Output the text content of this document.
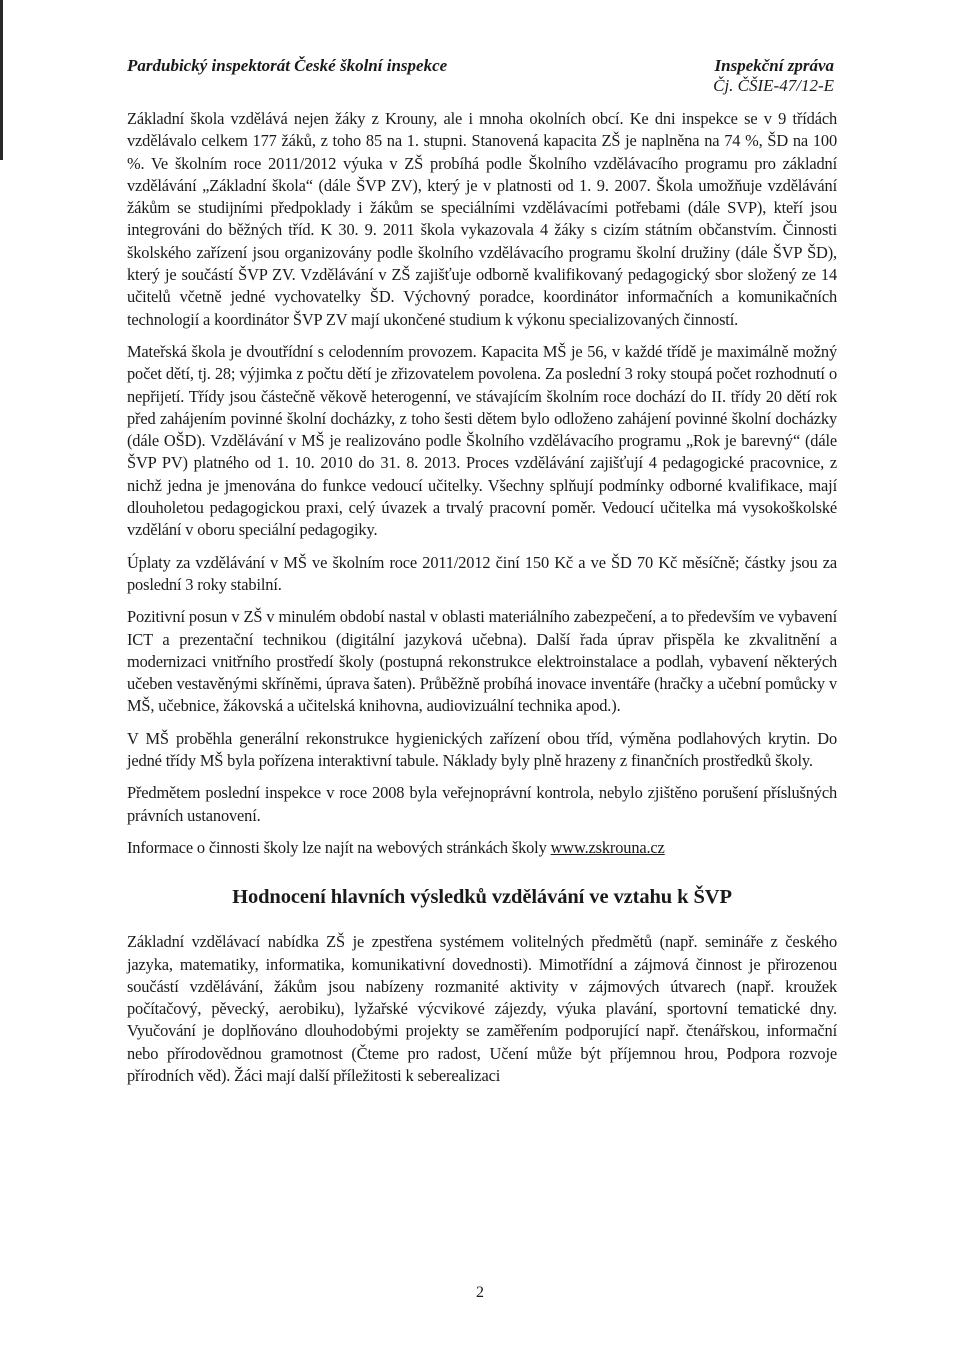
Pardubický inspektorát České školní inspekce	Inspekční zpráva
Čj. ČŠIE-47/12-E

Základní škola vzdělává nejen žáky z Krouny, ale i mnoha okolních obcí. Ke dni inspekce se v 9 třídách vzdělávalo celkem 177 žáků, z toho 85 na 1. stupni. Stanovená kapacita ZŠ je naplněna na 74 %, ŠD na 100 %. Ve školním roce 2011/2012 výuka v ZŠ probíhá podle Školního vzdělávacího programu pro základní vzdělávání „Základní škola“ (dále ŠVP ZV), který je v platnosti od 1. 9. 2007. Škola umožňuje vzdělávání žákům se studijními předpoklady i žákům se speciálními vzdělávacími potřebami (dále SVP), kteří jsou integrováni do běžných tříd. K 30. 9. 2011 škola vykazovala 4 žáky s cizím státním občanstvím. Činnosti školského zařízení jsou organizovány podle školního vzdělávacího programu školní družiny (dále ŠVP ŠD), který je součástí ŠVP ZV. Vzdělávání v ZŠ zajišťuje odborně kvalifikovaný pedagogický sbor složený ze 14 učitelů včetně jedné vychovatelky ŠD. Výchovný poradce, koordinátor informačních a komunikačních technologií a koordinátor ŠVP ZV mají ukončené studium k výkonu specializovaných činností.

Mateřská škola je dvoutřídní s celodenním provozem. Kapacita MŠ je 56, v každé třídě je maximálně možný počet dětí, tj. 28; výjimka z počtu dětí je zřizovatelem povolena. Za poslední 3 roky stoupá počet rozhodnutí o nepřijetí. Třídy jsou částečně věkově heterogenní, ve stávajícím školním roce dochází do II. třídy 20 dětí rok před zahájením povinné školní docházky, z toho šesti dětem bylo odloženo zahájení povinné školní docházky (dále OŠD). Vzdělávání v MŠ je realizováno podle Školního vzdělávacího programu „Rok je barevný“ (dále ŠVP PV) platného od 1. 10. 2010 do 31. 8. 2013. Proces vzdělávání zajišťují 4 pedagogické pracovnice, z nichž jedna je jmenována do funkce vedoucí učitelky. Všechny splňují podmínky odborné kvalifikace, mají dlouholetou pedagogickou praxi, celý úvazek a trvalý pracovní poměr. Vedoucí učitelka má vysokoškolské vzdělání v oboru speciální pedagogiky.

Úplaty za vzdělávání v MŠ ve školním roce 2011/2012 činí 150 Kč a ve ŠD 70 Kč měsíčně; částky jsou za poslední 3 roky stabilní.

Pozitivní posun v ZŠ v minulém období nastal v oblasti materiálního zabezpečení, a to především ve vybavení ICT a prezentační technikou (digitální jazyková učebna). Další řada úprav přispěla ke zkvalitnění a modernizaci vnitřního prostředí školy (postupná rekonstrukce elektroinstalace a podlah, vybavení některých učeben vestavěnými skříněmi, úprava šaten). Průběžně probíhá inovace inventáře (hračky a učební pomůcky v MŠ, učebnice, žákovská a učitelská knihovna, audiovizuální technika apod.).

V MŠ proběhla generální rekonstrukce hygienických zařízení obou tříd, výměna podlahových krytin. Do jedné třídy MŠ byla pořízena interaktivní tabule. Náklady byly plně hrazeny z finančních prostředků školy.

Předmětem poslední inspekce v roce 2008 byla veřejnoprávní kontrola, nebylo zjištěno porušení příslušných právních ustanovení.

Informace o činnosti školy lze najít na webových stránkách školy www.zskrouna.cz

Hodnocení hlavních výsledků vzdělávání ve vztahu k ŠVP

Základní vzdělávací nabídka ZŠ je zpestřena systémem volitelných předmětů (např. semináře z českého jazyka, matematiky, informatika, komunikativní dovednosti). Mimotřídní a zájmová činnost je přirozenou součástí vzdělávání, žákům jsou nabízeny rozmanité aktivity v zájmových útvarech (např. kroužek počítačový, pěvecký, aerobiku), lyžařské výcvikové zájezdy, výuka plavání, sportovní tematické dny. Vyučování je doplňováno dlouhodobými projekty se zaměřením podporující např. čtenářskou, informační nebo přírodovědnou gramotnost (Čteme pro radost, Učení může být příjemnou hrou, Podpora rozvoje přírodních věd). Žáci mají další příležitosti k seberealizaci

2
